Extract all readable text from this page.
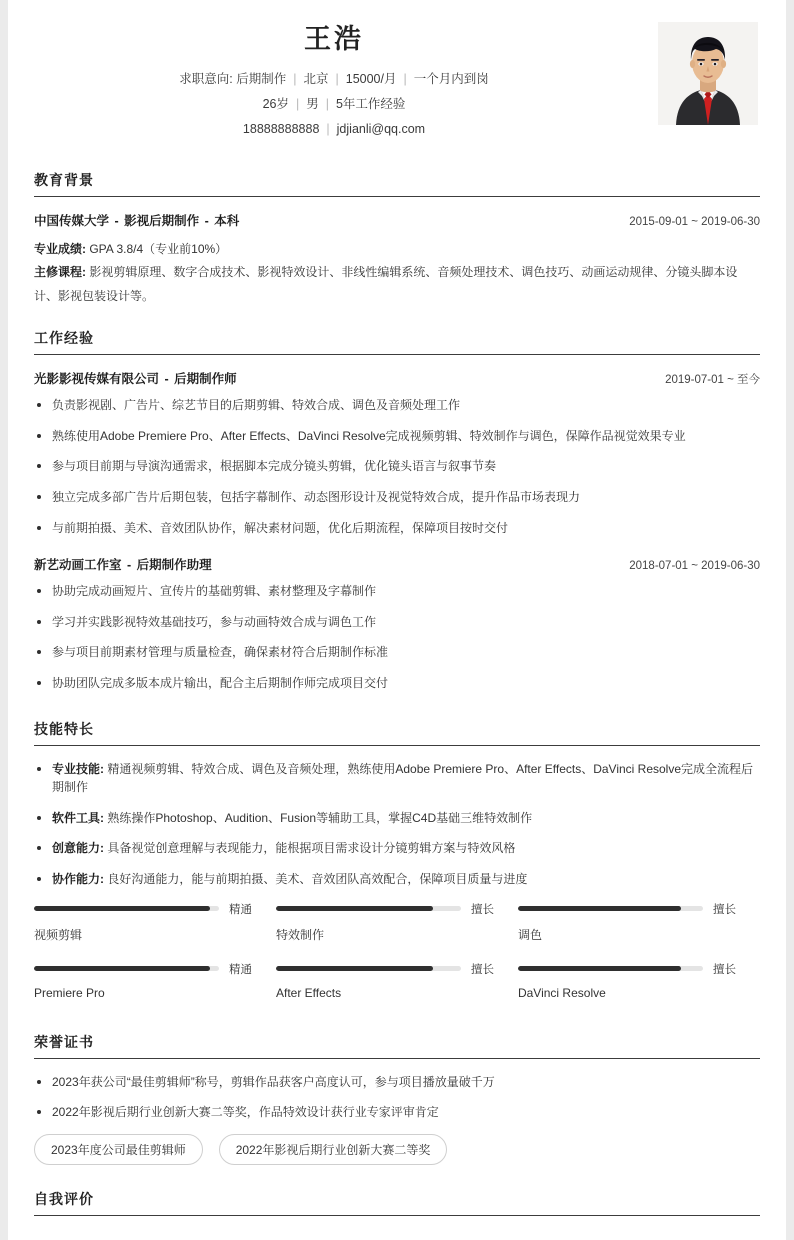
王浩
求职意向: 后期制作 | 北京 | 15000/月 | 一个月内到岗
26岁 | 男 | 5年工作经验
18888888888 | jdjianli@qq.com
教育背景
中国传媒大学 - 影视后期制作 - 本科	2015-09-01 ~ 2019-06-30
专业成绩: GPA 3.8/4（专业前10%）
主修课程: 影视剪辑原理、数字合成技术、影视特效设计、非线性编辑系统、音频处理技术、调色技巧、动画运动规律、分镜头脚本设计、影视包装设计等。
工作经验
光影影视传媒有限公司 - 后期制作师	2019-07-01 ~ 至今
负责影视剧、广告片、综艺节目的后期剪辑、特效合成、调色及音频处理工作
熟练使用Adobe Premiere Pro、After Effects、DaVinci Resolve完成视频剪辑、特效制作与调色，保障作品视觉效果专业
参与项目前期与导演沟通需求，根据脚本完成分镜头剪辑，优化镜头语言与叙事节奏
独立完成多部广告片后期包装，包括字幕制作、动态图形设计及视觉特效合成，提升作品市场表现力
与前期拍摄、美术、音效团队协作，解决素材问题，优化后期流程，保障项目按时交付
新艺动画工作室 - 后期制作助理	2018-07-01 ~ 2019-06-30
协助完成动画短片、宣传片的基础剪辑、素材整理及字幕制作
学习并实践影视特效基础技巧，参与动画特效合成与调色工作
参与项目前期素材管理与质量检查，确保素材符合后期制作标准
协助团队完成多版本成片输出，配合主后期制作师完成项目交付
技能特长
专业技能: 精通视频剪辑、特效合成、调色及音频处理，熟练使用Adobe Premiere Pro、After Effects、DaVinci Resolve完成全流程后期制作
软件工具: 熟练操作Photoshop、Audition、Fusion等辅助工具，掌握C4D基础三维特效制作
创意能力: 具备视觉创意理解与表现能力，能根据项目需求设计分镜剪辑方案与特效风格
协作能力: 良好沟通能力，能与前期拍摄、美术、音效团队高效配合，保障项目质量与进度
精通
视频剪辑
擅长
特效制作
擅长
调色
精通
Premiere Pro
擅长
After Effects
擅长
DaVinci Resolve
荣誉证书
2023年获公司“最佳剪辑师”称号，剪辑作品获客户高度认可，参与项目播放量破千万
2022年影视后期行业创新大赛二等奖，作品特效设计获行业专家评审肯定
2023年度公司最佳剪辑师	2022年影视后期行业创新大赛二等奖
自我评价
